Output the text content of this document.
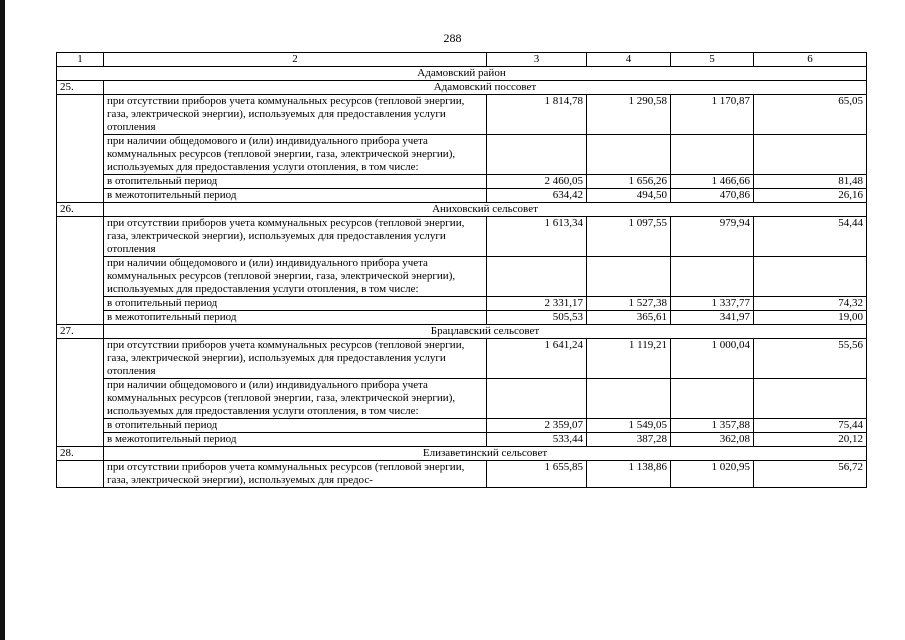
288
1	2	3	4	5	6
Адамовский район					
25.	Адамовский поссовет				
	при отсутствии приборов учета коммунальных ресурсов (тепловой энергии, газа, электрической энергии), используемых для предоставления услуги отопления	1 814,78	1 290,58	1 170,87	65,05
	при наличии общедомового и (или) индивидуального прибора учета коммунальных ресурсов (тепловой энергии, газа, электрической энергии), используемых для предоставления услуги отопления, в том числе:				
	в отопительный период	2 460,05	1 656,26	1 466,66	81,48
	в межотопительный период	634,42	494,50	470,86	26,16
26.	Аниховский сельсовет				
	при отсутствии приборов учета коммунальных ресурсов (тепловой энергии, газа, электрической энергии), используемых для предоставления услуги отопления	1 613,34	1 097,55	979,94	54,44
	при наличии общедомового и (или) индивидуального прибора учета коммунальных ресурсов (тепловой энергии, газа, электрической энергии), используемых для предоставления услуги отопления, в том числе:				
	в отопительный период	2 331,17	1 527,38	1 337,77	74,32
	в межотопительный период	505,53	365,61	341,97	19,00
27.	Брацлавский сельсовет				
	при отсутствии приборов учета коммунальных ресурсов (тепловой энергии, газа, электрической энергии), используемых для предоставления услуги отопления	1 641,24	1 119,21	1 000,04	55,56
	при наличии общедомового и (или) индивидуального прибора учета коммунальных ресурсов (тепловой энергии, газа, электрической энергии), используемых для предоставления услуги отопления, в том числе:				
	в отопительный период	2 359,07	1 549,05	1 357,88	75,44
	в межотопительный период	533,44	387,28	362,08	20,12
28.	Елизаветинский сельсовет				
	при отсутствии приборов учета коммунальных ресурсов (тепловой энергии, газа, электрической энергии), используемых для предос-	1 655,85	1 138,86	1 020,95	56,72
